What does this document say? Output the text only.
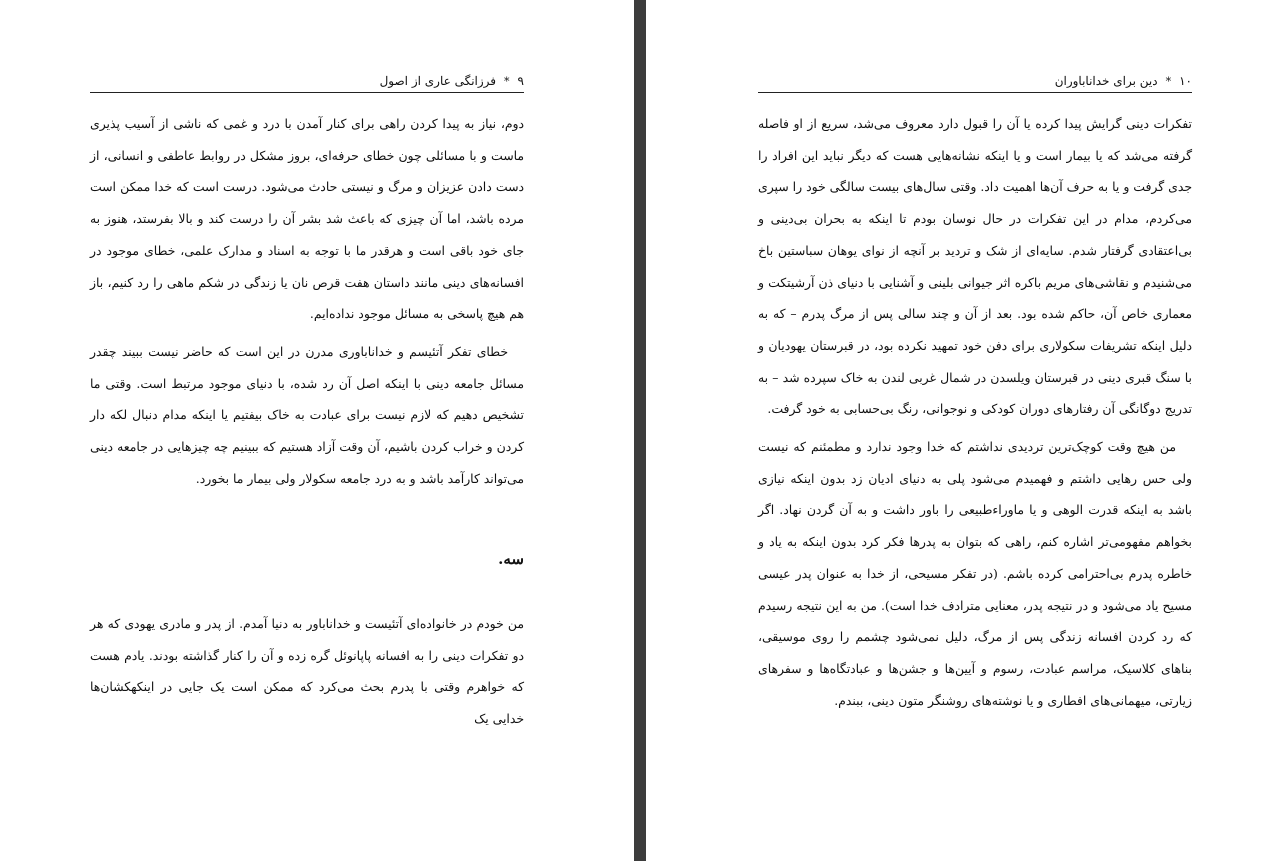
۹
*
فرزانگی عاری از اصول

دوم، نیاز به پیدا کردن راهی برای کنار آمدن با درد و غمی که ناشی از آسیب پذیری ماست و با مسائلی چون خطای حرفه‌ای، بروز مشکل در روابط عاطفی و انسانی، از دست دادن عزیزان و مرگ و نیستی حادث می‌شود. درست است که خدا ممکن است مرده باشد، اما آن چیزی که باعث شد بشر آن را درست کند و بالا بفرستد، هنوز به جای خود باقی است و هرقدر ما با توجه به اسناد و مدارک علمی، خطای موجود در افسانه‌های دینی مانند داستان هفت قرص نان یا زندگی در شکم ماهی را رد کنیم، باز هم هیچ پاسخی به مسائل موجود نداده‌ایم.

خطای تفکر آتئیسم و خداناباوری مدرن در این است که حاضر نیست ببیند چقدر مسائل جامعه دینی با اینکه اصل آن رد شده، با دنیای موجود مرتبط است. وقتی ما تشخیص دهیم که لازم نیست برای عبادت به خاک بیفتیم یا اینکه مدام دنبال لکه دار کردن و خراب کردن باشیم، آن وقت آزاد هستیم که ببینیم چه چیزهایی در جامعه دینی می‌تواند کارآمد باشد و به درد جامعه سکولار ولی بیمار ما بخورد.

سه.

من خودم در خانواده‌ای آتئیست و خداناباور به دنیا آمدم. از پدر و مادری یهودی که هر دو تفکرات دینی را به افسانه پاپانوئل گره زده و آن را کنار گذاشته بودند. یادم هست که خواهرم وقتی با پدرم بحث می‌کرد که ممکن است یک جایی در اینکهکشان‌ها خدایی یک

۱۰
*
دین برای خداناباوران

تفکرات دینی گرایش پیدا کرده یا آن را قبول دارد معروف می‌شد، سریع از او فاصله گرفته می‌شد که یا بیمار است و یا اینکه نشانه‌هایی هست که دیگر نباید این افراد را جدی گرفت و یا به حرف آن‌ها اهمیت داد. وقتی سال‌های بیست سالگی خود را سپری می‌کردم، مدام در این تفکرات در حال نوسان بودم تا اینکه به بحران بی‌دینی و بی‌اعتقادی گرفتار شدم. سایه‌ای از شک و تردید بر آنچه از نوای یوهان سباستین باخ می‌شنیدم و نقاشی‌های مریم باکره اثر جیوانی بلینی و آشنایی با دنیای ذن آرشیتکت و معماری خاص آن، حاکم شده بود. بعد از آن و چند سالی پس از مرگ پدرم – که به دلیل اینکه تشریفات سکولاری برای دفن خود تمهید نکرده بود، در قبرستان یهودیان و با سنگ قبری دینی در قبرستان ویلسدن در شمال غربی لندن به خاک سپرده شد – به تدریج دوگانگی آن رفتارهای دوران کودکی و نوجوانی، رنگ بی‌حسابی به خود گرفت.

من هیچ وقت کوچک‌ترین تردیدی نداشتم که خدا وجود ندارد و مطمئنم که نیست ولی حس رهایی داشتم و فهمیدم می‌شود پلی به دنیای ادیان زد بدون اینکه نیازی باشد به اینکه قدرت الوهی و یا ماوراءطبیعی را باور داشت و به آن گردن نهاد. اگر بخواهم مفهومی‌تر اشاره کنم، راهی که بتوان به پدرها فکر کرد بدون اینکه به یاد و خاطره پدرم بی‌احترامی کرده باشم. (در تفکر مسیحی، از خدا به عنوان پدر عیسی مسیح یاد می‌شود و در نتیجه پدر، معنایی مترادف خدا است). من به این نتیجه رسیدم که رد کردن افسانه زندگی پس از مرگ، دلیل نمی‌شود چشمم را روی موسیقی، بناهای کلاسیک، مراسم عبادت، رسوم و آیین‌ها و جشن‌ها و عبادتگاه‌ها و سفرهای زیارتی، میهمانی‌های افطاری و یا نوشته‌های روشنگر متون دینی، ببندم.
